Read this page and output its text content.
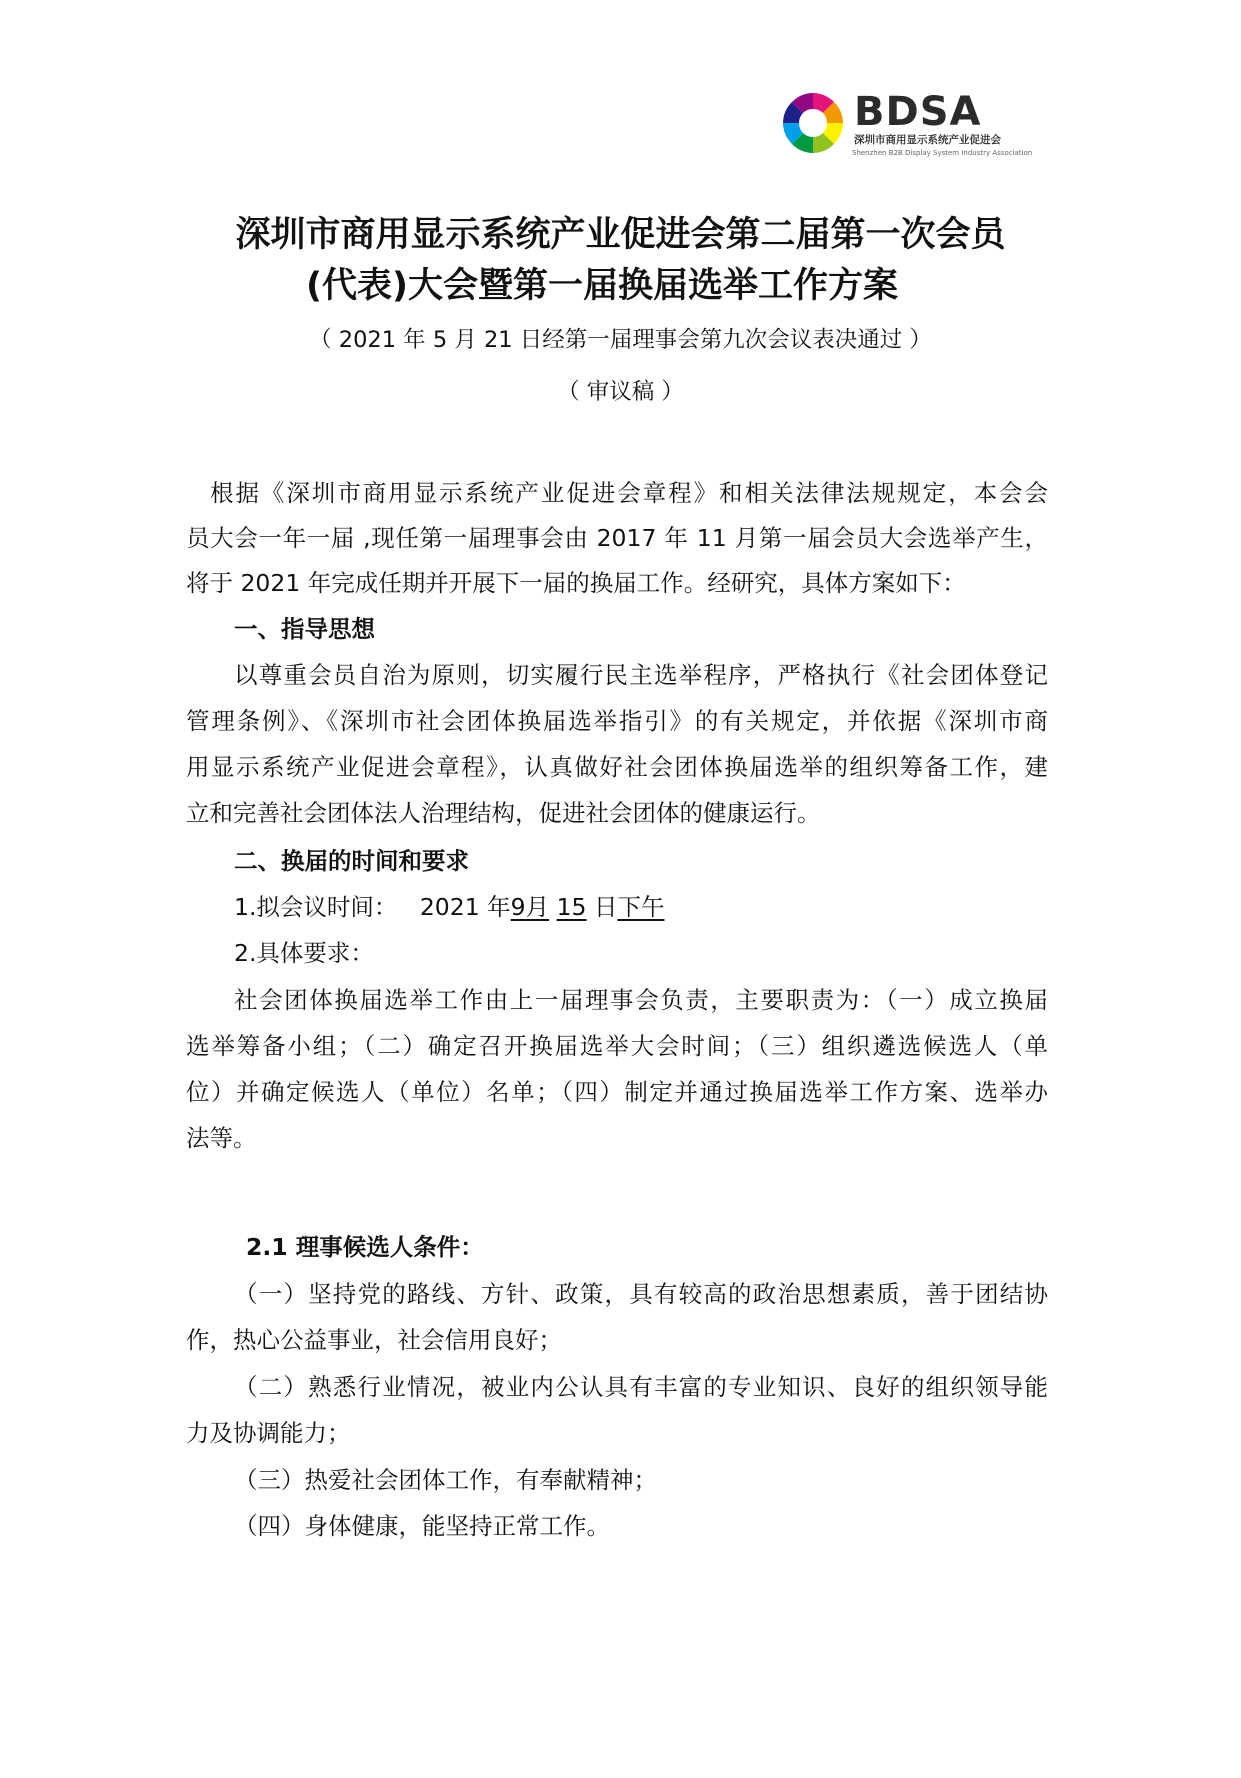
BDSA
深圳市商用显示系统产业促进会
Shenzhen B2B Display System Industry Association
深圳市商用显示系统产业促进会第二届第一次会员
(代表)大会暨第一届换届选举工作方案
（ 2021 年 5 月 21 日经第一届理事会第九次会议表决通过 ）
（ 审议稿 ）
根据《深圳市商用显示系统产业促进会章程》和相关法律法规规定，本会会
员大会一年一届 ,现任第一届理事会由 2017 年 11 月第一届会员大会选举产生，
将于 2021 年完成任期并开展下一届的换届工作。经研究，具体方案如下：
一、指导思想
以尊重会员自治为原则，切实履行民主选举程序，严格执行《社会团体登记
管理条例》、《深圳市社会团体换届选举指引》的有关规定，并依据《深圳市商
用显示系统产业促进会章程》，认真做好社会团体换届选举的组织筹备工作，建
立和完善社会团体法人治理结构，促进社会团体的健康运行。
二、换届的时间和要求
1.拟会议时间： 2021 年9月 15 日下午
2.具体要求：
社会团体换届选举工作由上一届理事会负责，主要职责为：（一）成立换届
选举筹备小组；（二）确定召开换届选举大会时间；（三）组织遴选候选人（单
位）并确定候选人（单位）名单；（四）制定并通过换届选举工作方案、选举办
法等。
2.1 理事候选人条件：
（一）坚持党的路线、方针、政策，具有较高的政治思想素质，善于团结协
作，热心公益事业，社会信用良好；
（二）熟悉行业情况，被业内公认具有丰富的专业知识、良好的组织领导能
力及协调能力；
（三）热爱社会团体工作，有奉献精神；
（四）身体健康，能坚持正常工作。
